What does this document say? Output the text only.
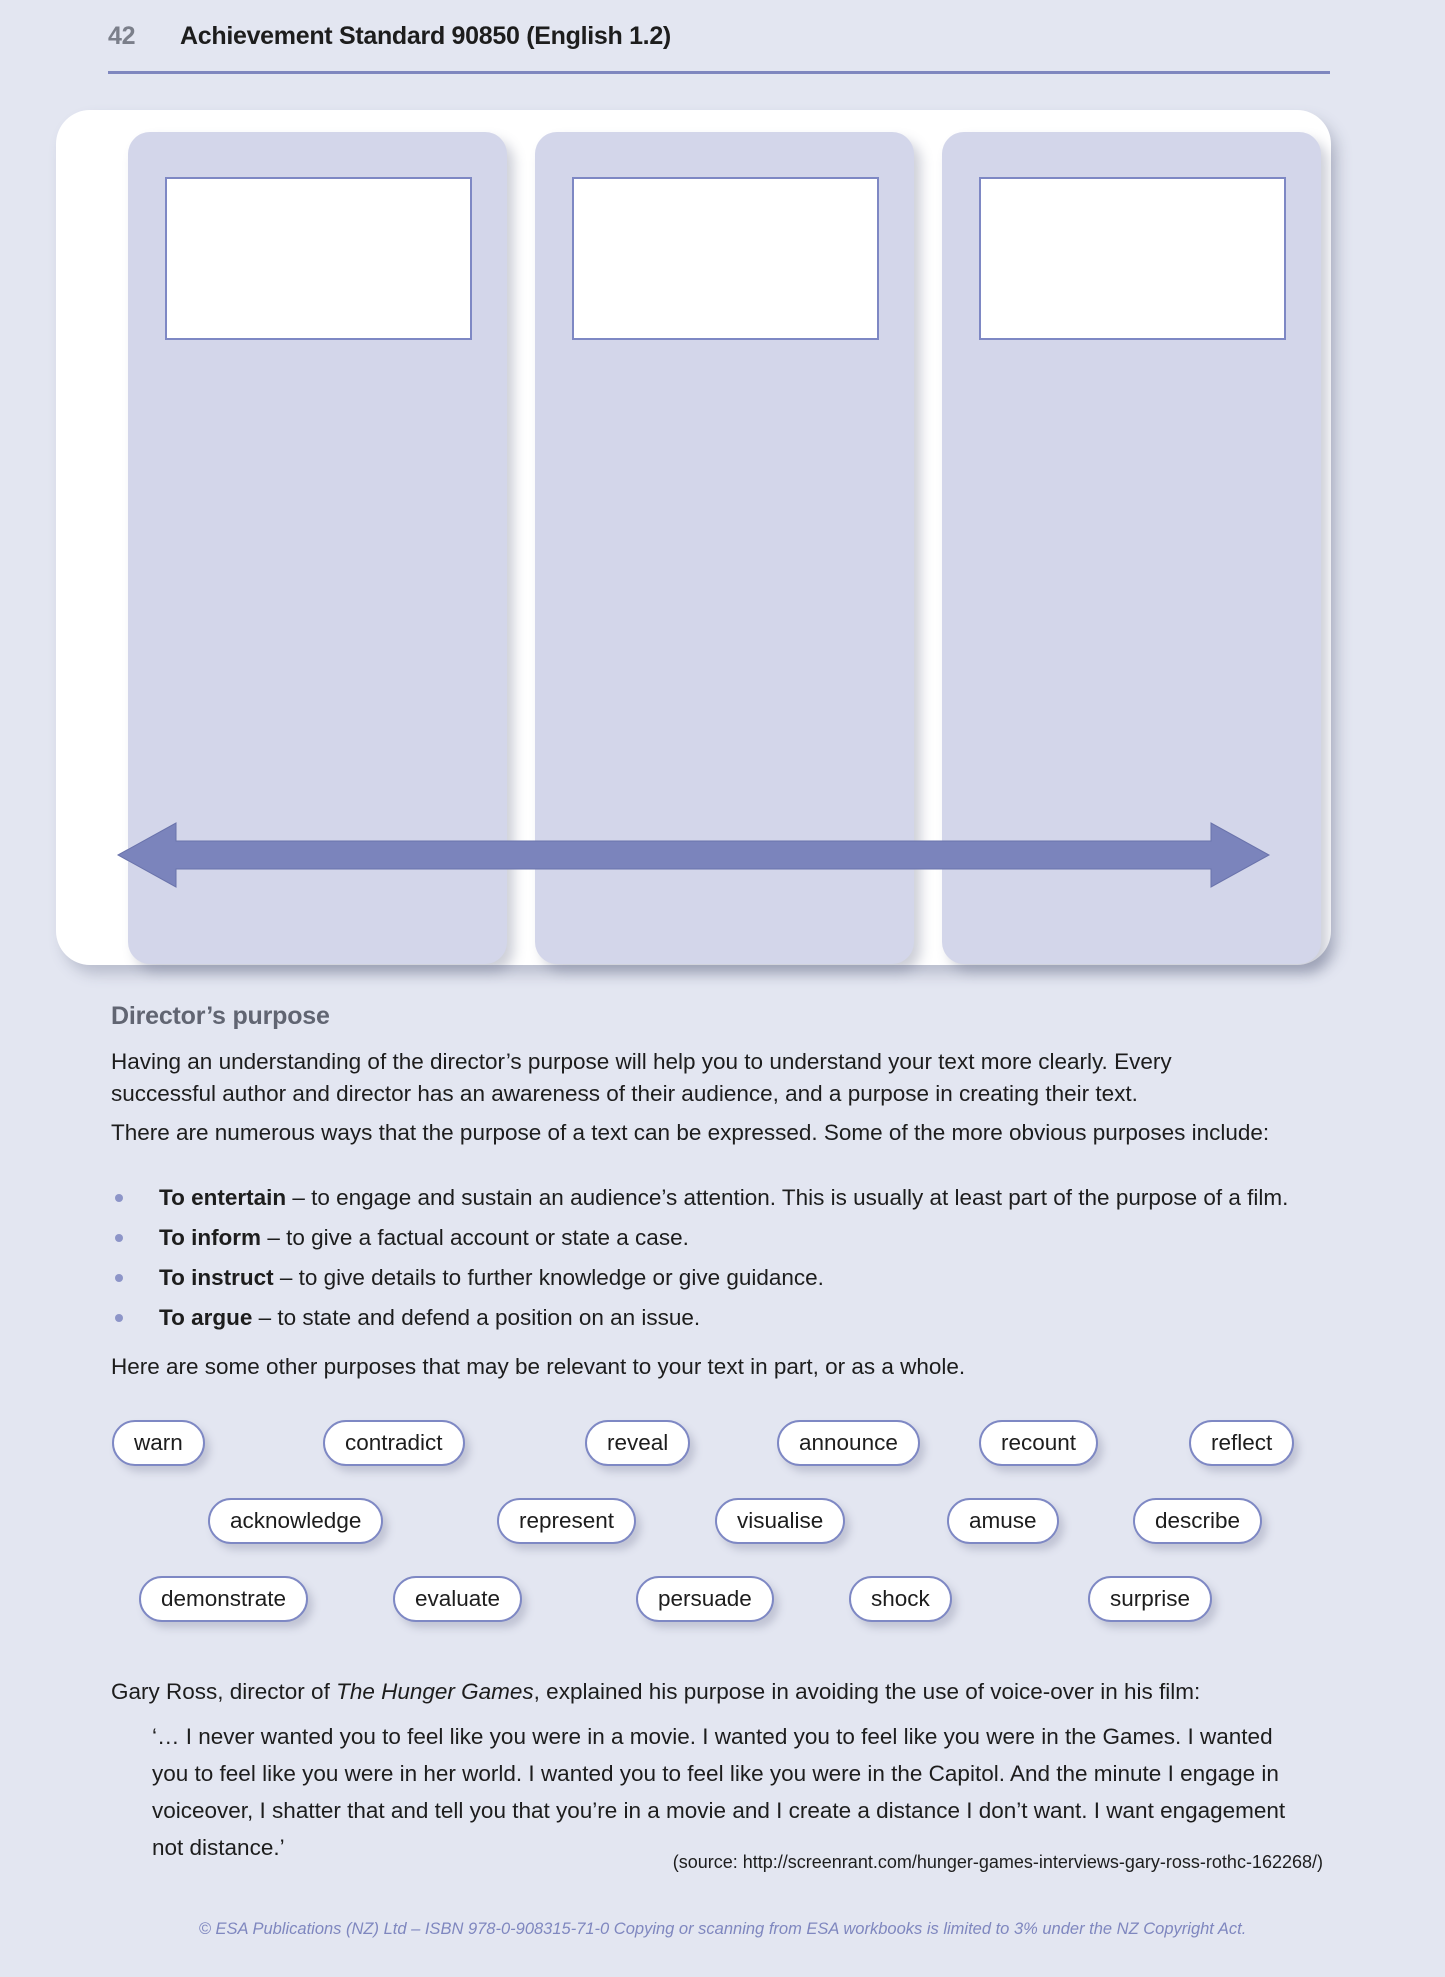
42	Achievement Standard 90850 (English 1.2)
Director’s purpose
Having an understanding of the director’s purpose will help you to understand your text more clearly. Every successful author and director has an awareness of their audience, and a purpose in creating their text.
There are numerous ways that the purpose of a text can be expressed. Some of the more obvious purposes include:
To entertain – to engage and sustain an audience’s attention. This is usually at least part of the purpose of a film.
To inform – to give a factual account or state a case.
To instruct – to give details to further knowledge or give guidance.
To argue – to state and defend a position on an issue.
Here are some other purposes that may be relevant to your text in part, or as a whole.
warn	contradict	reveal	announce	recount	reflect
acknowledge	represent	visualise	amuse	describe
demonstrate	evaluate	persuade	shock	surprise
Gary Ross, director of The Hunger Games, explained his purpose in avoiding the use of voice-over in his film:
‘… I never wanted you to feel like you were in a movie. I wanted you to feel like you were in the Games. I wanted you to feel like you were in her world. I wanted you to feel like you were in the Capitol. And the minute I engage in voiceover, I shatter that and tell you that you’re in a movie and I create a distance I don’t want. I want engagement not distance.’
(source: http://screenrant.com/hunger-games-interviews-gary-ross-rothc-162268/)
© ESA Publications (NZ) Ltd – ISBN 978-0-908315-71-0 Copying or scanning from ESA workbooks is limited to 3% under the NZ Copyright Act.
